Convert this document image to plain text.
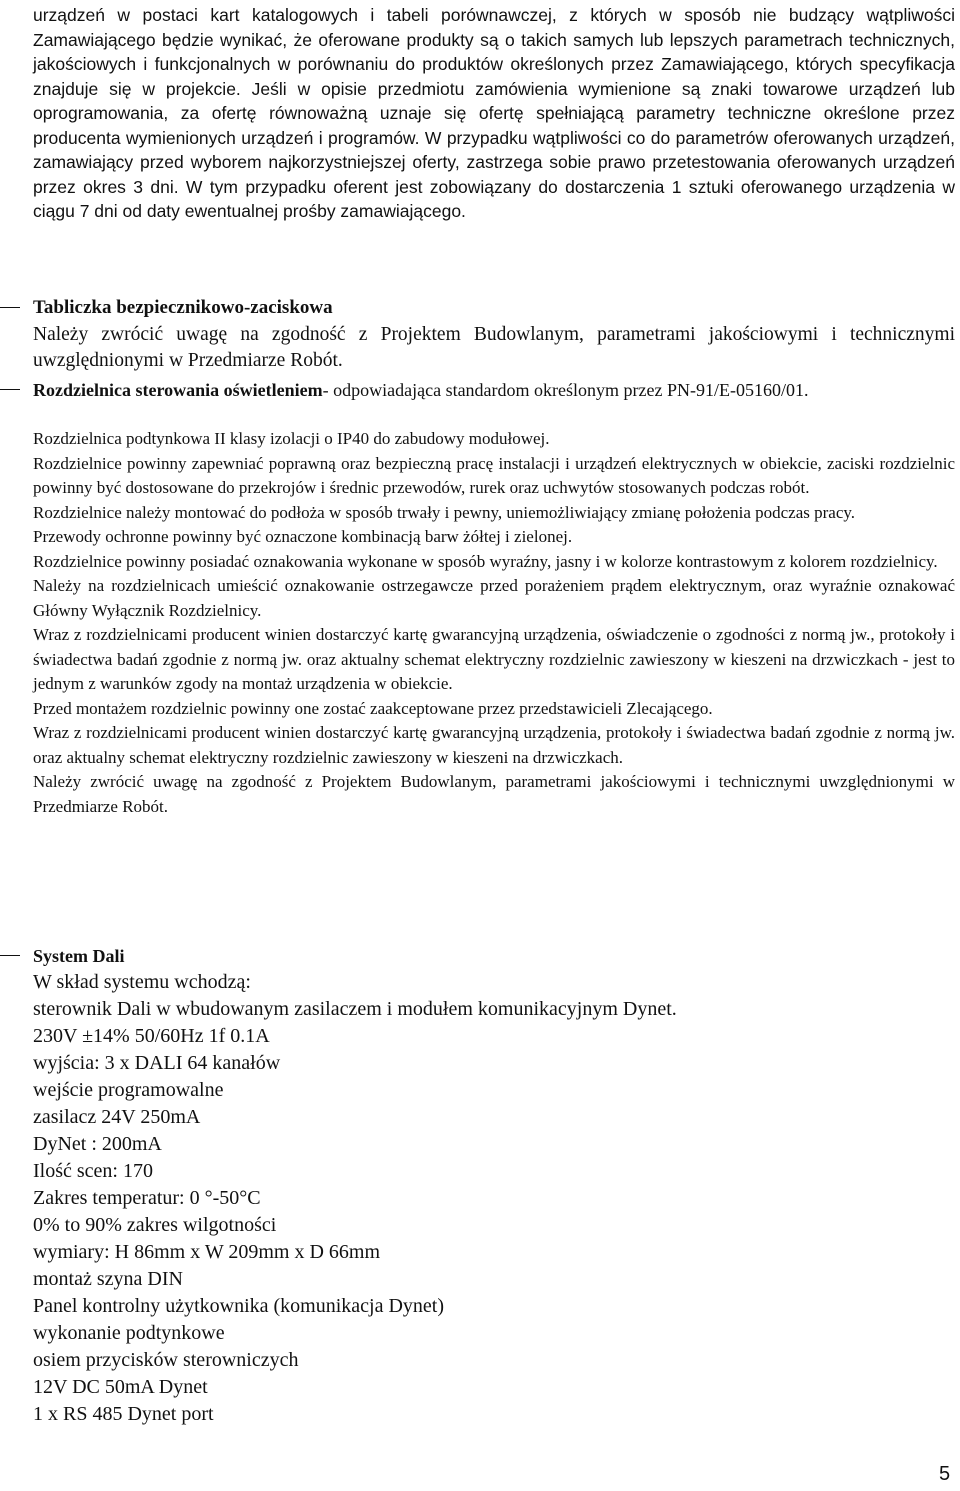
urządzeń w postaci kart katalogowych i tabeli porównawczej, z których w sposób nie budzący wątpliwości Zamawiającego będzie wynikać, że oferowane produkty są o takich samych lub lepszych parametrach technicznych, jakościowych i funkcjonalnych w porównaniu do produktów określonych przez Zamawiającego, których specyfikacja znajduje się w projekcie. Jeśli w opisie przedmiotu zamówienia wymienione są znaki towarowe urządzeń lub oprogramowania, za ofertę równoważną uznaje się ofertę spełniającą parametry techniczne określone przez producenta wymienionych urządzeń i programów. W przypadku wątpliwości co do parametrów oferowanych urządzeń, zamawiający przed wyborem najkorzystniejszej oferty, zastrzega sobie prawo przetestowania oferowanych urządzeń przez okres 3 dni. W tym przypadku oferent jest zobowiązany do dostarczenia 1 sztuki oferowanego urządzenia w ciągu 7 dni od daty ewentualnej prośby zamawiającego.

Tabliczka bezpiecznikowo-zaciskowa

Należy zwrócić uwagę na zgodność z Projektem Budowlanym, parametrami jakościowymi i technicznymi uwzględnionymi w Przedmiarze Robót.

Rozdzielnica sterowania oświetleniem- odpowiadająca standardom określonym przez PN-91/E-05160/01.

Rozdzielnica podtynkowa II klasy izolacji o IP40 do zabudowy modułowej.

Rozdzielnice powinny zapewniać poprawną oraz bezpieczną pracę instalacji i urządzeń elektrycznych w obiekcie, zaciski rozdzielnic powinny być dostosowane do przekrojów i średnic przewodów, rurek oraz uchwytów stosowanych podczas robót.

Rozdzielnice należy montować do podłoża w sposób trwały i pewny, uniemożliwiający zmianę położenia podczas pracy.

Przewody ochronne powinny być oznaczone kombinacją barw żółtej i zielonej.

Rozdzielnice powinny posiadać oznakowania wykonane w sposób wyraźny, jasny i w kolorze kontrastowym z kolorem rozdzielnicy.

Należy na rozdzielnicach umieścić oznakowanie ostrzegawcze przed porażeniem prądem elektrycznym, oraz wyraźnie oznakować Główny Wyłącznik Rozdzielnicy.

Wraz z rozdzielnicami producent winien dostarczyć kartę gwarancyjną urządzenia, oświadczenie o zgodności z normą jw., protokoły i świadectwa badań zgodnie z normą jw. oraz aktualny schemat elektryczny rozdzielnic zawieszony w kieszeni na drzwiczkach - jest to jednym z warunków zgody na montaż urządzenia w obiekcie.

Przed montażem rozdzielnic powinny one zostać zaakceptowane przez przedstawicieli Zlecającego.

Wraz z rozdzielnicami producent winien dostarczyć kartę gwarancyjną urządzenia, protokoły i świadectwa badań zgodnie z normą jw. oraz aktualny schemat elektryczny rozdzielnic zawieszony w kieszeni na drzwiczkach.

Należy zwrócić uwagę na zgodność z Projektem Budowlanym, parametrami jakościowymi i technicznymi uwzględnionymi w Przedmiarze Robót.

System Dali
W skład systemu wchodzą:
sterownik Dali w wbudowanym zasilaczem i modułem komunikacyjnym Dynet.
230V ±14% 50/60Hz 1f 0.1A
wyjścia: 3 x DALI 64 kanałów
wejście programowalne
zasilacz 24V 250mA
DyNet : 200mA
Ilość scen: 170
Zakres temperatur: 0 °-50°C
0% to 90% zakres wilgotności
wymiary: H 86mm x W 209mm x D 66mm
montaż szyna DIN
Panel kontrolny użytkownika (komunikacja Dynet)
wykonanie podtynkowe
osiem przycisków sterowniczych
12V DC 50mA Dynet
1 x RS 485 Dynet port
5
